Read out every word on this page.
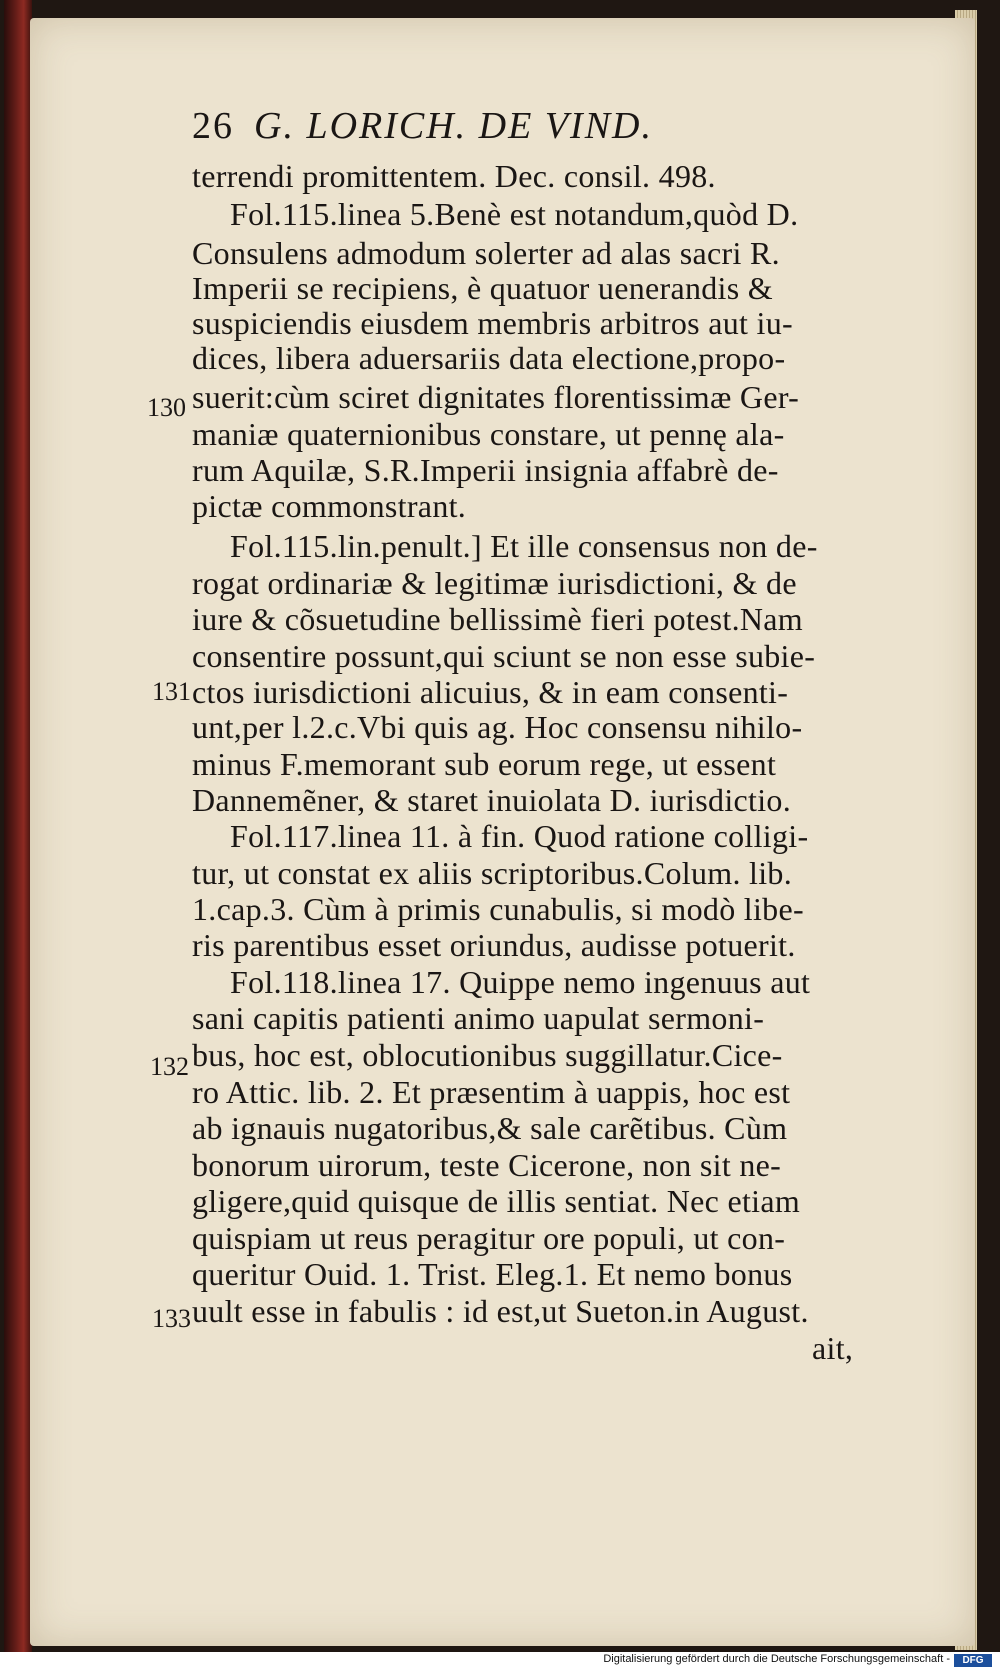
26 G. LORICH. DE VIND.
terrendi promittentem. Dec. consil. 498.
Fol.115.linea 5.Benè est notandum,quòd D.
Consulens admodum solerter ad alas sacri R.
Imperii se recipiens, è quatuor uenerandis &
suspiciendis eiusdem membris arbitros aut iu-
dices, libera aduersariis data electione,propo-
suerit:cùm sciret dignitates florentissimæ Ger-
maniæ quaternionibus constare, ut pennę ala-
rum Aquilæ, S.R.Imperii insignia affabrè de-
pictæ commonstrant.
Fol.115.lin.penult.] Et ille consensus non de-
rogat ordinariæ & legitimæ iurisdictioni, & de
iure & cõsuetudine bellissimè fieri potest.Nam
consentire possunt,qui sciunt se non esse subie-
ctos iurisdictioni alicuius, & in eam consenti-
unt,per l.2.c.Vbi quis ag. Hoc consensu nihilo-
minus F.memorant sub eorum rege, ut essent
Dannemẽner, & staret inuiolata D. iurisdictio.
Fol.117.linea 11. à fin. Quod ratione colligi-
tur, ut constat ex aliis scriptoribus.Colum. lib.
1.cap.3. Cùm à primis cunabulis, si modò libe-
ris parentibus esset oriundus, audisse potuerit.
Fol.118.linea 17. Quippe nemo ingenuus aut
sani capitis patienti animo uapulat sermoni-
bus, hoc est, oblocutionibus suggillatur.Cice-
ro Attic. lib. 2. Et præsentim à uappis, hoc est
ab ignauis nugatoribus,& sale carẽtibus. Cùm
bonorum uirorum, teste Cicerone, non sit ne-
gligere,quid quisque de illis sentiat. Nec etiam
quispiam ut reus peragitur ore populi, ut con-
queritur Ouid. 1. Trist. Eleg.1. Et nemo bonus
uult esse in fabulis : id est,ut Sueton.in August.
ait,
130
131
132
133
Digitalisierung gefördert durch die Deutsche Forschungsgemeinschaft -	DFG
